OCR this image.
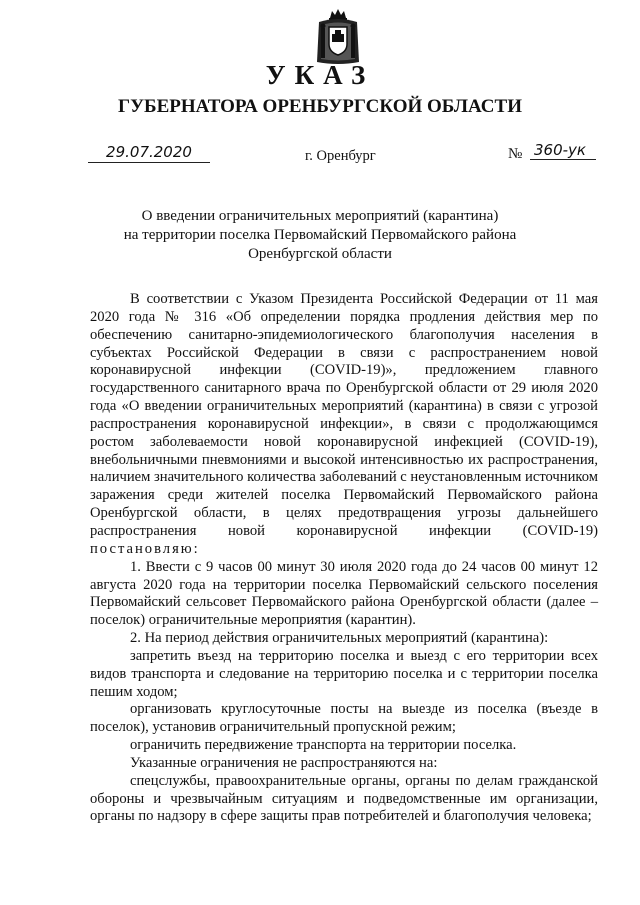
УКАЗ
ГУБЕРНАТОРА ОРЕНБУРГСКОЙ ОБЛАСТИ
29.07.2020	г. Оренбург	№ 360-ук
О введении ограничительных мероприятий (карантина)
на территории поселка Первомайский Первомайского района
Оренбургской области

В соответствии с Указом Президента Российской Федерации от 11 мая 2020 года № 316 «Об определении порядка продления действия мер по обеспечению санитарно-эпидемиологического благополучия населения в субъектах Российской Федерации в связи с распространением новой коронавирусной инфекции (COVID-19)», предложением главного государственного санитарного врача по Оренбургской области от 29 июля 2020 года «О введении ограничительных мероприятий (карантина) в связи с угрозой распространения коронавирусной инфекции», в связи с продолжающимся ростом заболеваемости новой коронавирусной инфекцией (COVID-19), внебольничными пневмониями и высокой интенсивностью их распространения, наличием значительного количества заболеваний с неустановленным источником заражения среди жителей поселка Первомайский Первомайского района Оренбургской области, в целях предотвращения угрозы дальнейшего распространения новой коронавирусной инфекции (COVID-19) постановляю:

1. Ввести с 9 часов 00 минут 30 июля 2020 года до 24 часов 00 минут 12 августа 2020 года на территории поселка Первомайский сельского поселения Первомайский сельсовет Первомайского района Оренбургской области (далее – поселок) ограничительные мероприятия (карантин).

2. На период действия ограничительных мероприятий (карантина):

запретить въезд на территорию поселка и выезд с его территории всех видов транспорта и следование на территорию поселка и с территории поселка пешим ходом;

организовать круглосуточные посты на выезде из поселка (въезде в поселок), установив ограничительный пропускной режим;

ограничить передвижение транспорта на территории поселка.

Указанные ограничения не распространяются на:

спецслужбы, правоохранительные органы, органы по делам гражданской обороны и чрезвычайным ситуациям и подведомственные им организации, органы по надзору в сфере защиты прав потребителей и благополучия человека;
